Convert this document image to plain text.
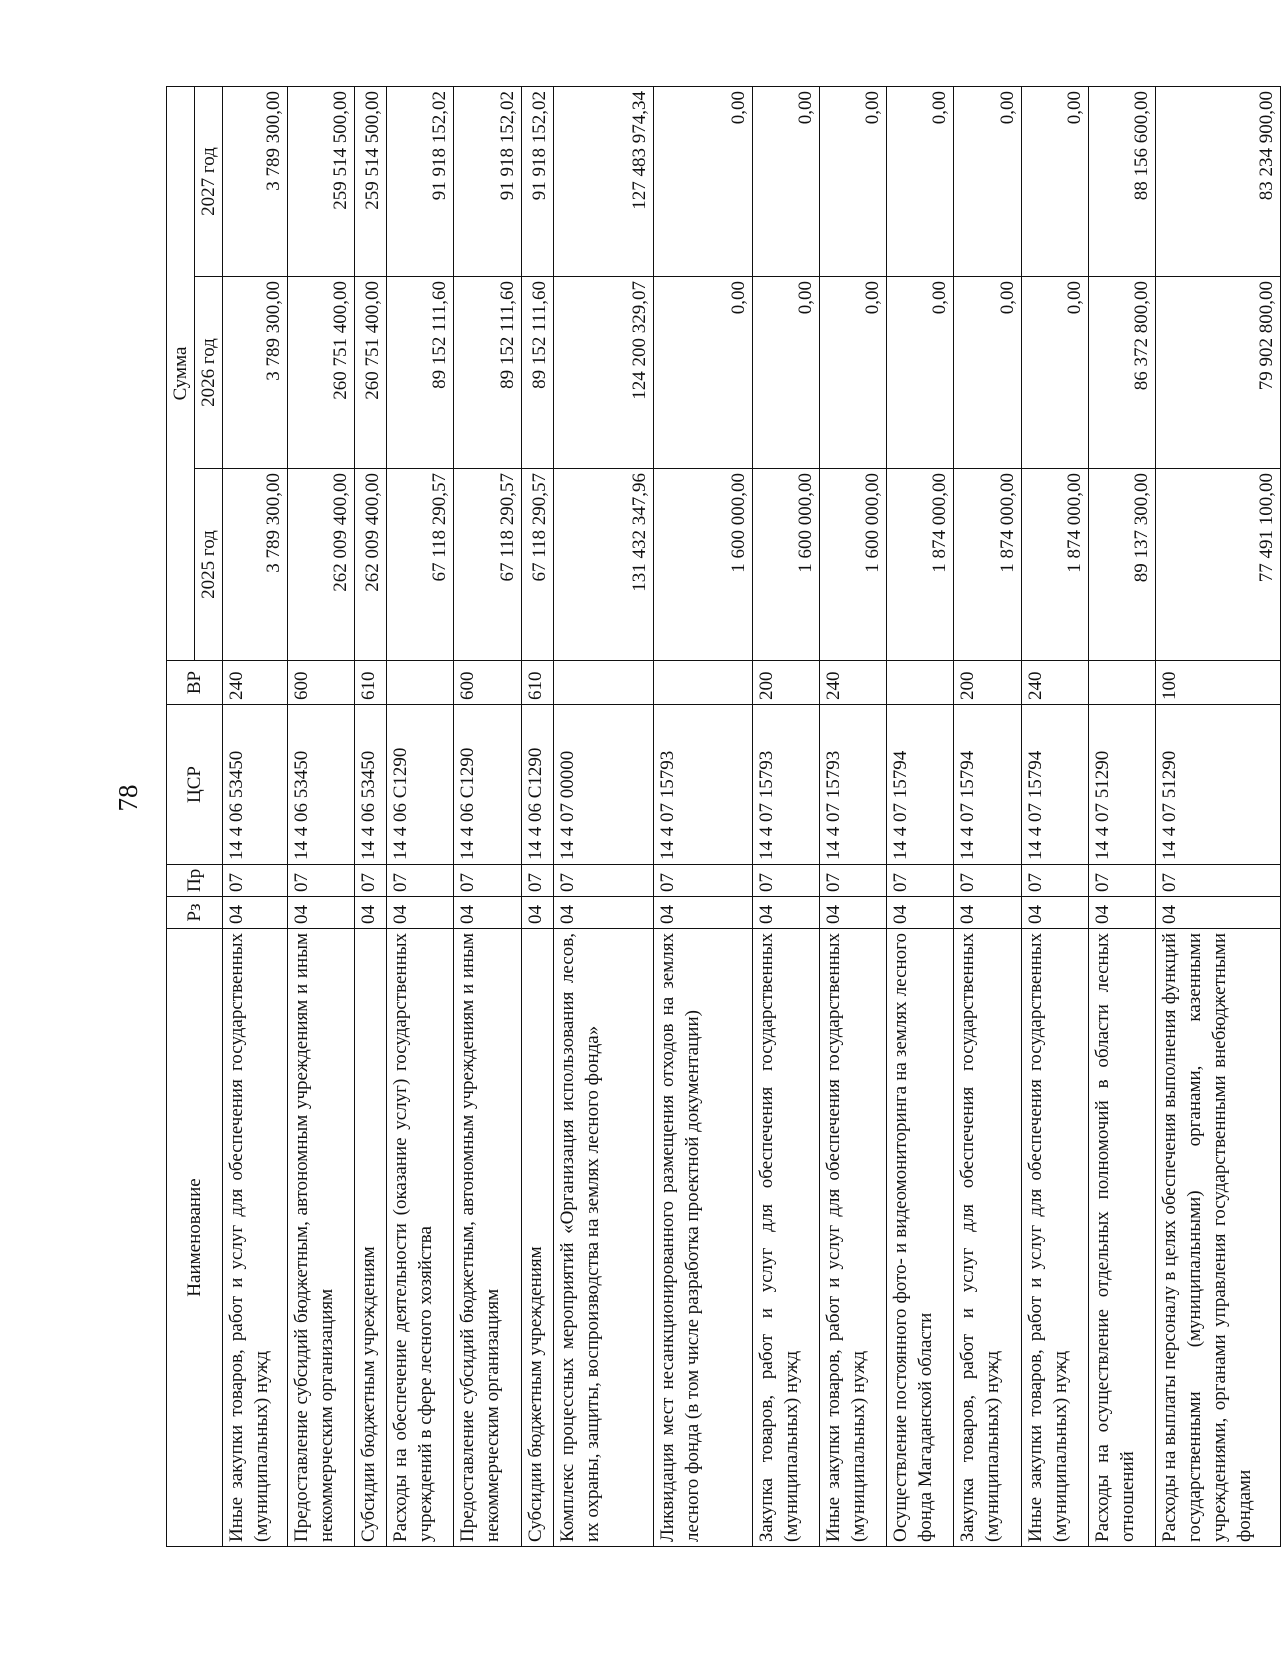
78
Наименование	Рз	Пр	ЦСР	ВР	Сумма		
					2025 год	2026 год	2027 год
Иные закупки товаров, работ и услуг для обеспечения государственных (муниципальных) нужд	04	07	14 4 06 53450	240	3 789 300,00	3 789 300,00	3 789 300,00
Предоставление субсидий бюджетным, автономным учреждениям и иным некоммерческим организациям	04	07	14 4 06 53450	600	262 009 400,00	260 751 400,00	259 514 500,00
Субсидии бюджетным учреждениям	04	07	14 4 06 53450	610	262 009 400,00	260 751 400,00	259 514 500,00
Расходы на обеспечение деятельности (оказание услуг) государственных учреждений в сфере лесного хозяйства	04	07	14 4 06 С1290		67 118 290,57	89 152 111,60	91 918 152,02
Предоставление субсидий бюджетным, автономным учреждениям и иным некоммерческим организациям	04	07	14 4 06 С1290	600	67 118 290,57	89 152 111,60	91 918 152,02
Субсидии бюджетным учреждениям	04	07	14 4 06 С1290	610	67 118 290,57	89 152 111,60	91 918 152,02
Комплекс процессных мероприятий «Организация использования лесов, их охраны, защиты, воспроизводства на землях лесного фонда»	04	07	14 4 07 00000		131 432 347,96	124 200 329,07	127 483 974,34
Ликвидация мест несанкционированного размещения отходов на землях лесного фонда (в том числе разработка проектной документации)	04	07	14 4 07 15793		1 600 000,00	0,00	0,00
Закупка товаров, работ и услуг для обеспечения государственных (муниципальных) нужд	04	07	14 4 07 15793	200	1 600 000,00	0,00	0,00
Иные закупки товаров, работ и услуг для обеспечения государственных (муниципальных) нужд	04	07	14 4 07 15793	240	1 600 000,00	0,00	0,00
Осуществление постоянного фото- и видеомониторинга на землях лесного фонда Магаданской области	04	07	14 4 07 15794		1 874 000,00	0,00	0,00
Закупка товаров, работ и услуг для обеспечения государственных (муниципальных) нужд	04	07	14 4 07 15794	200	1 874 000,00	0,00	0,00
Иные закупки товаров, работ и услуг для обеспечения государственных (муниципальных) нужд	04	07	14 4 07 15794	240	1 874 000,00	0,00	0,00
Расходы на осуществление отдельных полномочий в области лесных отношений	04	07	14 4 07 51290		89 137 300,00	86 372 800,00	88 156 600,00
Расходы на выплаты персоналу в целях обеспечения выполнения функций государственными (муниципальными) органами, казенными учреждениями, органами управления государственными внебюджетными фондами	04	07	14 4 07 51290	100	77 491 100,00	79 902 800,00	83 234 900,00
